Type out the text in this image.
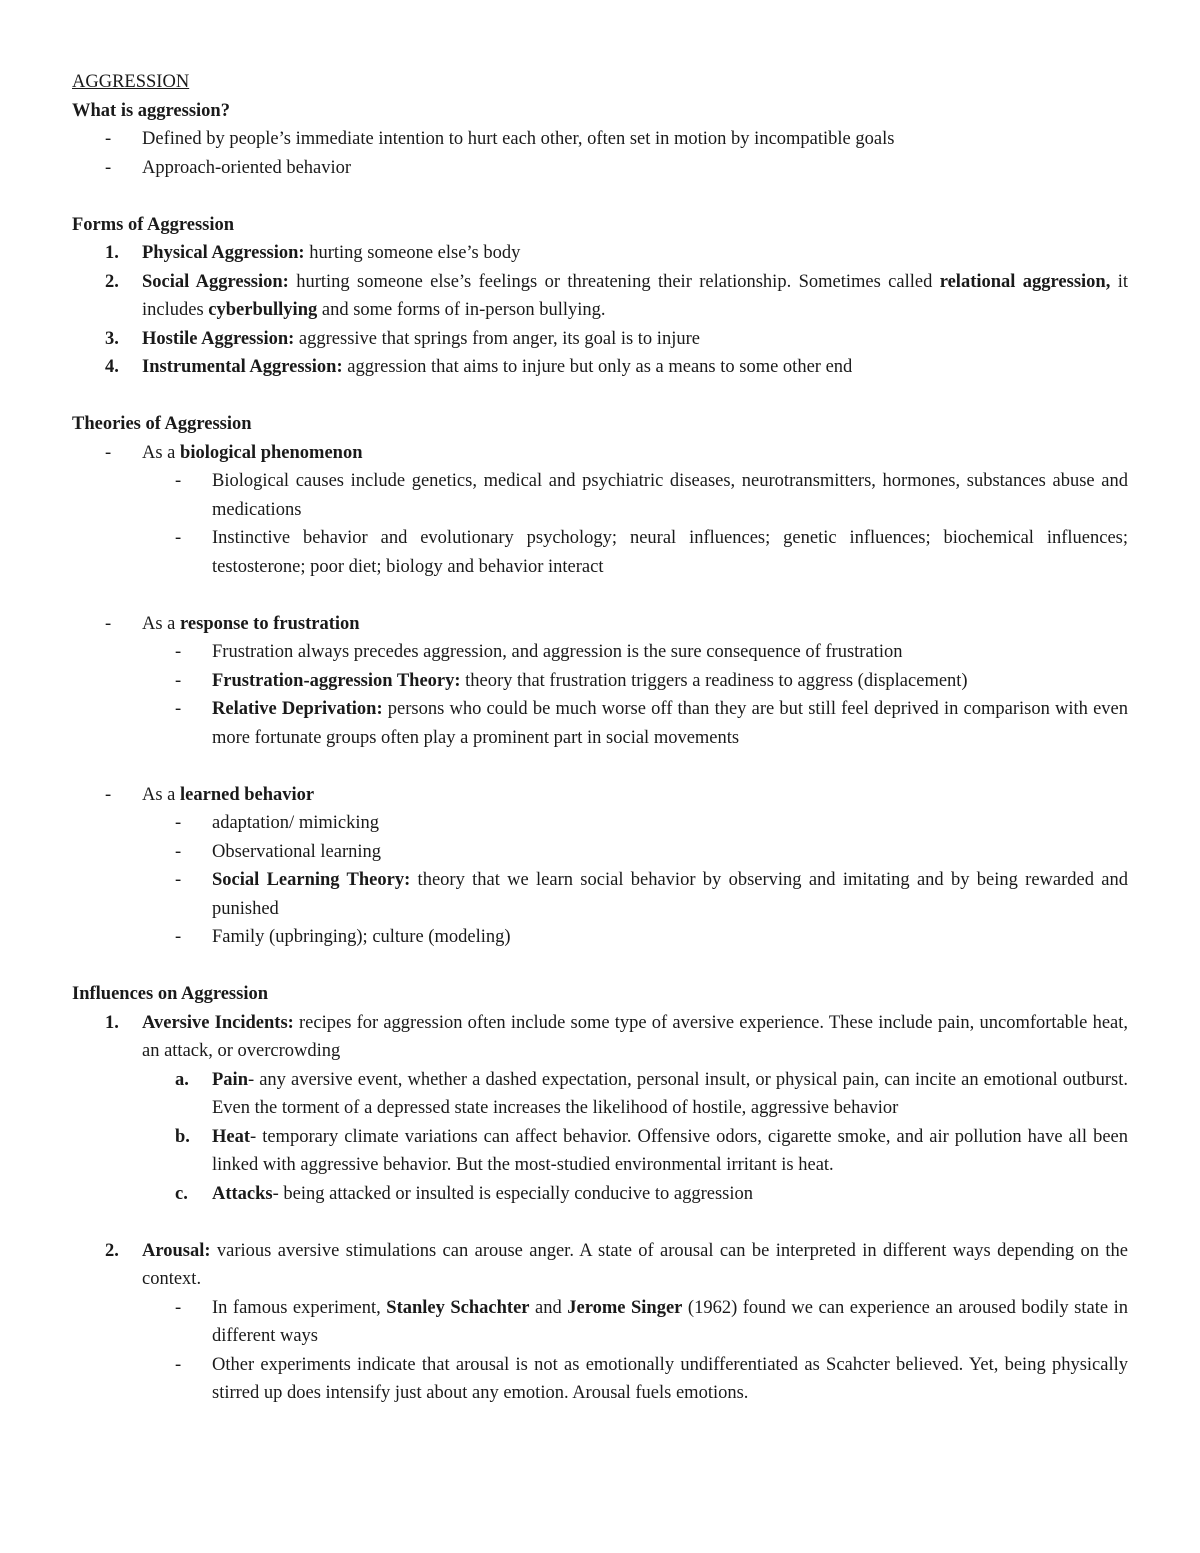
AGGRESSION
What is aggression?
- Defined by people’s immediate intention to hurt each other, often set in motion by incompatible goals
- Approach-oriented behavior
Forms of Aggression
1. Physical Aggression: hurting someone else’s body
2. Social Aggression: hurting someone else’s feelings or threatening their relationship. Sometimes called relational aggression, it includes cyberbullying and some forms of in-person bullying.
3. Hostile Aggression: aggressive that springs from anger, its goal is to injure
4. Instrumental Aggression: aggression that aims to injure but only as a means to some other end
Theories of Aggression
- As a biological phenomenon
- Biological causes include genetics, medical and psychiatric diseases, neurotransmitters, hormones, substances abuse and medications
- Instinctive behavior and evolutionary psychology; neural influences; genetic influences; biochemical influences; testosterone; poor diet; biology and behavior interact
- As a response to frustration
- Frustration always precedes aggression, and aggression is the sure consequence of frustration
- Frustration-aggression Theory: theory that frustration triggers a readiness to aggress (displacement)
- Relative Deprivation: persons who could be much worse off than they are but still feel deprived in comparison with even more fortunate groups often play a prominent part in social movements
- As a learned behavior
- adaptation/ mimicking
- Observational learning
- Social Learning Theory: theory that we learn social behavior by observing and imitating and by being rewarded and punished
- Family (upbringing); culture (modeling)
Influences on Aggression
1. Aversive Incidents: recipes for aggression often include some type of aversive experience. These include pain, uncomfortable heat, an attack, or overcrowding
a. Pain- any aversive event, whether a dashed expectation, personal insult, or physical pain, can incite an emotional outburst. Even the torment of a depressed state increases the likelihood of hostile, aggressive behavior
b. Heat- temporary climate variations can affect behavior. Offensive odors, cigarette smoke, and air pollution have all been linked with aggressive behavior. But the most-studied environmental irritant is heat.
c. Attacks- being attacked or insulted is especially conducive to aggression
2. Arousal: various aversive stimulations can arouse anger. A state of arousal can be interpreted in different ways depending on the context.
- In famous experiment, Stanley Schachter and Jerome Singer (1962) found we can experience an aroused bodily state in different ways
- Other experiments indicate that arousal is not as emotionally undifferentiated as Scahcter believed. Yet, being physically stirred up does intensify just about any emotion. Arousal fuels emotions.
